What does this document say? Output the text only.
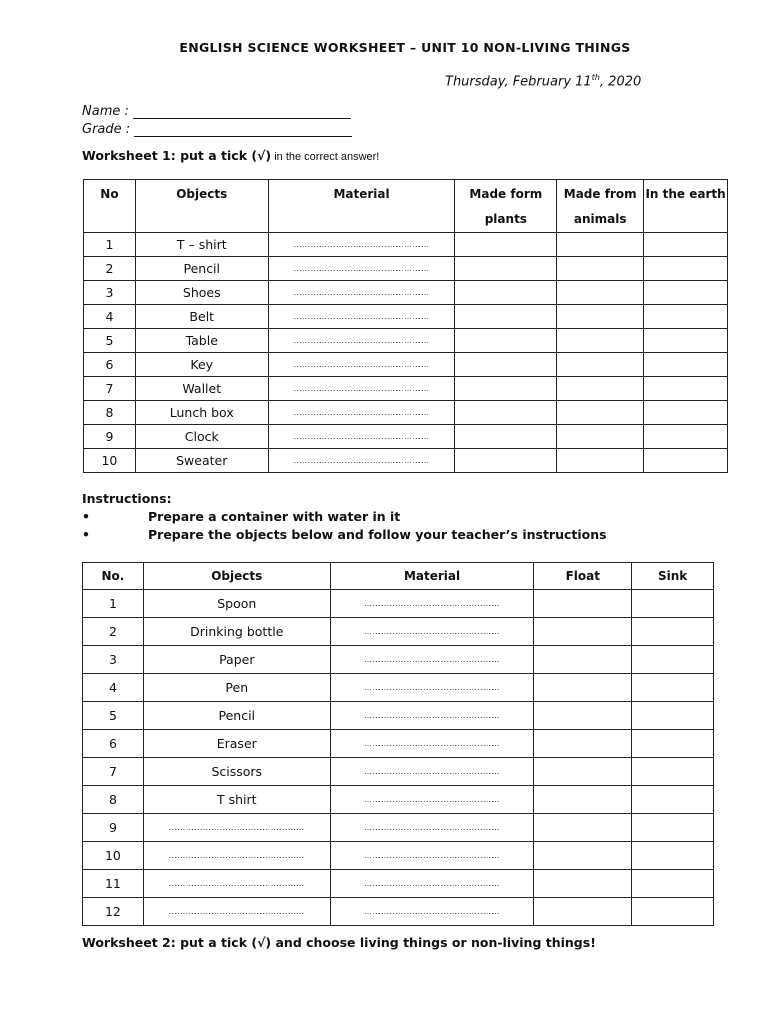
ENGLISH SCIENCE WORKSHEET – UNIT 10 NON-LIVING THINGS
Thursday, February 11th, 2020
Name :
Grade :
Worksheet 1: put a tick (√) in the correct answer!
No	Objects	Material	Made form plants	Made from animals	In the earth
1	T – shirt	…………………………………………			
2	Pencil	…………………………………………			
3	Shoes	…………………………………………			
4	Belt	…………………………………………			
5	Table	…………………………………………			
6	Key	…………………………………………			
7	Wallet	…………………………………………			
8	Lunch box	…………………………………………			
9	Clock	…………………………………………			
10	Sweater	…………………………………………			
Instructions:
•	Prepare a container with water in it
•	Prepare the objects below and follow your teacher’s instructions
No.	Objects	Material	Float	Sink
1	Spoon	…………………………………………		
2	Drinking bottle	…………………………………………		
3	Paper	…………………………………………		
4	Pen	…………………………………………		
5	Pencil	…………………………………………		
6	Eraser	…………………………………………		
7	Scissors	…………………………………………		
8	T shirt	…………………………………………		
9	…………………………………………	…………………………………………		
10	…………………………………………	…………………………………………		
11	…………………………………………	…………………………………………		
12	…………………………………………	…………………………………………		
Worksheet 2: put a tick (√) and choose living things or non-living things!
